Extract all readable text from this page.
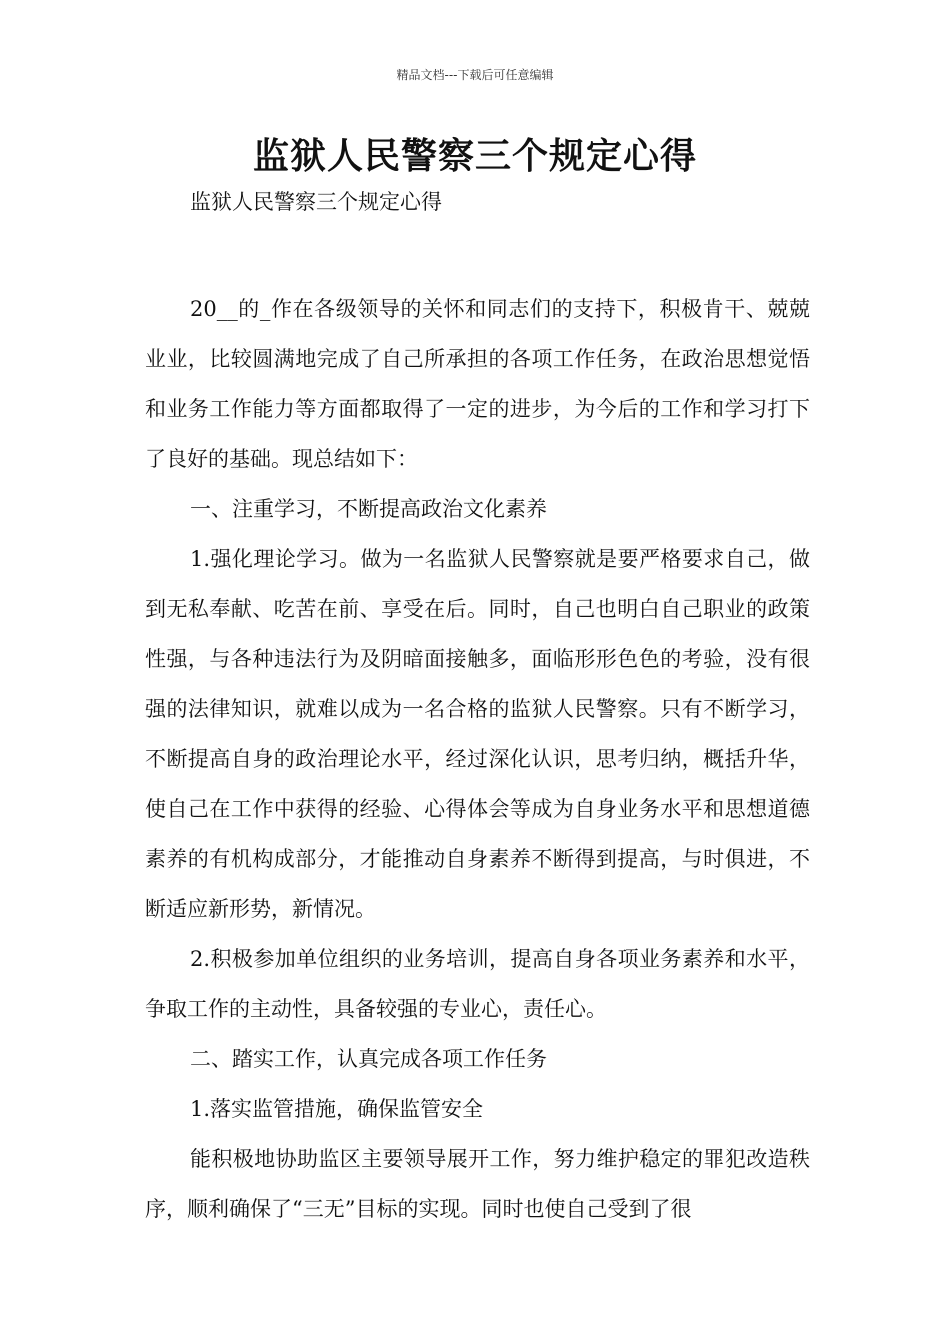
精品文档---下载后可任意编辑
监狱人民警察三个规定心得
监狱人民警察三个规定心得

20__的_作在各级领导的关怀和同志们的支持下，积极肯干、兢兢业业，比较圆满地完成了自己所承担的各项工作任务，在政治思想觉悟和业务工作能力等方面都取得了一定的进步，为今后的工作和学习打下了良好的基础。现总结如下：

一、注重学习，不断提高政治文化素养

1.强化理论学习。做为一名监狱人民警察就是要严格要求自己，做到无私奉献、吃苦在前、享受在后。同时，自己也明白自己职业的政策性强，与各种违法行为及阴暗面接触多，面临形形色色的考验，没有很强的法律知识，就难以成为一名合格的监狱人民警察。只有不断学习，不断提高自身的政治理论水平，经过深化认识，思考归纳，概括升华，使自己在工作中获得的经验、心得体会等成为自身业务水平和思想道德素养的有机构成部分，才能推动自身素养不断得到提高，与时俱进，不断适应新形势，新情况。

2.积极参加单位组织的业务培训，提高自身各项业务素养和水平，争取工作的主动性，具备较强的专业心，责任心。

二、踏实工作，认真完成各项工作任务

1.落实监管措施，确保监管安全

能积极地协助监区主要领导展开工作，努力维护稳定的罪犯改造秩序，顺利确保了“三无”目标的实现。同时也使自己受到了很
